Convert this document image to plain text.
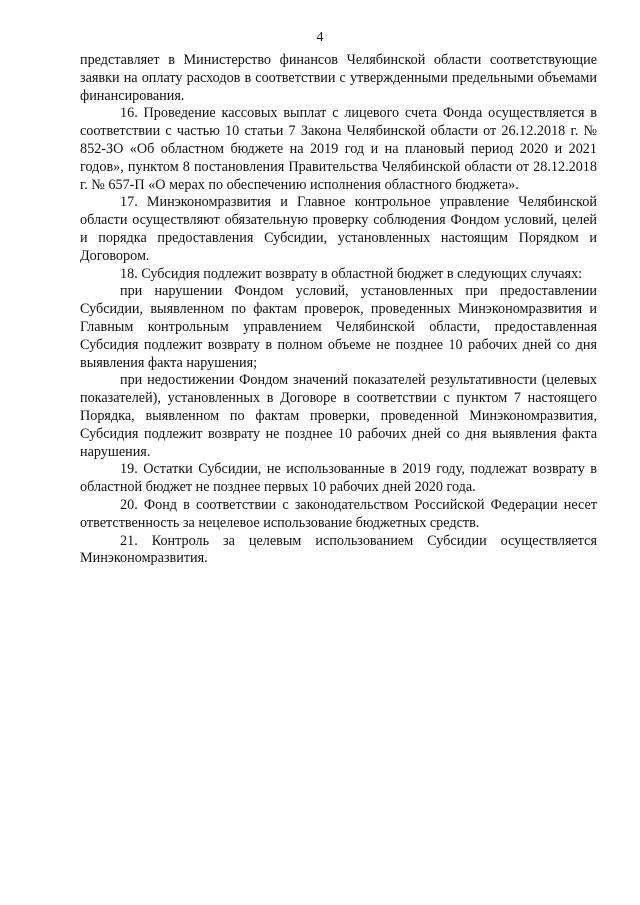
4

представляет в Министерство финансов Челябинской области соответствующие заявки на оплату расходов в соответствии с утвержденными предельными объемами финансирования.

16. Проведение кассовых выплат с лицевого счета Фонда осуществляется в соответствии с частью 10 статьи 7 Закона Челябинской области от 26.12.2018 г. № 852-ЗО «Об областном бюджете на 2019 год и на плановый период 2020 и 2021 годов», пунктом 8 постановления Правительства Челябинской области от 28.12.2018 г. № 657-П «О мерах по обеспечению исполнения областного бюджета».

17. Минэкономразвития и Главное контрольное управление Челябинской области осуществляют обязательную проверку соблюдения Фондом условий, целей и порядка предоставления Субсидии, установленных настоящим Порядком и Договором.

18. Субсидия подлежит возврату в областной бюджет в следующих случаях:

при нарушении Фондом условий, установленных при предоставлении Субсидии, выявленном по фактам проверок, проведенных Минэкономразвития и Главным контрольным управлением Челябинской области, предоставленная Субсидия подлежит возврату в полном объеме не позднее 10 рабочих дней со дня выявления факта нарушения;

при недостижении Фондом значений показателей результативности (целевых показателей), установленных в Договоре в соответствии с пунктом 7 настоящего Порядка, выявленном по фактам проверки, проведенной Минэкономразвития, Субсидия подлежит возврату не позднее 10 рабочих дней со дня выявления факта нарушения.

19. Остатки Субсидии, не использованные в 2019 году, подлежат возврату в областной бюджет не позднее первых 10 рабочих дней 2020 года.

20. Фонд в соответствии с законодательством Российской Федерации несет ответственность за нецелевое использование бюджетных средств.

21. Контроль за целевым использованием Субсидии осуществляется Минэкономразвития.
